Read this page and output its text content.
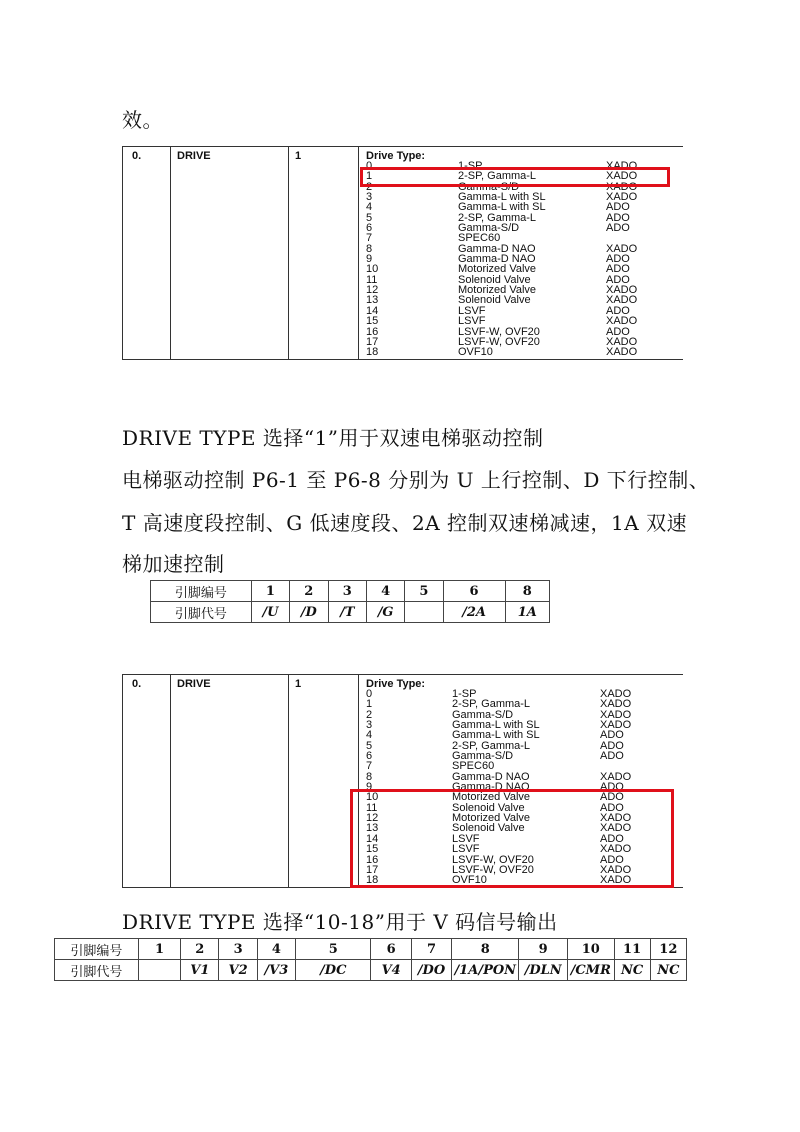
效。
0.	DRIVE	1	Drive Type:
0	1-SP	XADO
1	2-SP, Gamma-L	XADO
2	Gamma-S/D	XADO
3	Gamma-L with SL	XADO
4	Gamma-L with SL	ADO
5	2-SP, Gamma-L	ADO
6	Gamma-S/D	ADO
7	SPEC60
8	Gamma-D NAO	XADO
9	Gamma-D NAO	ADO
10	Motorized Valve	ADO
11	Solenoid Valve	ADO
12	Motorized Valve	XADO
13	Solenoid Valve	XADO
14	LSVF	ADO
15	LSVF	XADO
16	LSVF-W, OVF20	ADO
17	LSVF-W, OVF20	XADO
18	OVF10	XADO
DRIVE TYPE 选择“1”用于双速电梯驱动控制
电梯驱动控制 P6-1 至 P6-8 分别为 U 上行控制、D 下行控制、
T 高速度段控制、G 低速度段、2A 控制双速梯减速，1A 双速
梯加速控制
引脚编号	1	2	3	4	5	6	8
引脚代号	/U	/D	/T	/G		/2A	1A
0.	DRIVE	1	Drive Type:
0	1-SP	XADO
1	2-SP, Gamma-L	XADO
2	Gamma-S/D	XADO
3	Gamma-L with SL	XADO
4	Gamma-L with SL	ADO
5	2-SP, Gamma-L	ADO
6	Gamma-S/D	ADO
7	SPEC60
8	Gamma-D NAO	XADO
9	Gamma-D NAO	ADO
10	Motorized Valve	ADO
11	Solenoid Valve	ADO
12	Motorized Valve	XADO
13	Solenoid Valve	XADO
14	LSVF	ADO
15	LSVF	XADO
16	LSVF-W, OVF20	ADO
17	LSVF-W, OVF20	XADO
18	OVF10	XADO
DRIVE TYPE 选择“10-18”用于 V 码信号输出
引脚编号	1	2	3	4	5	6	7	8	9	10	11	12
引脚代号		V1	V2	/V3	/DC	V4	/DO	/1A/PON	/DLN	/CMR	NC	NC
